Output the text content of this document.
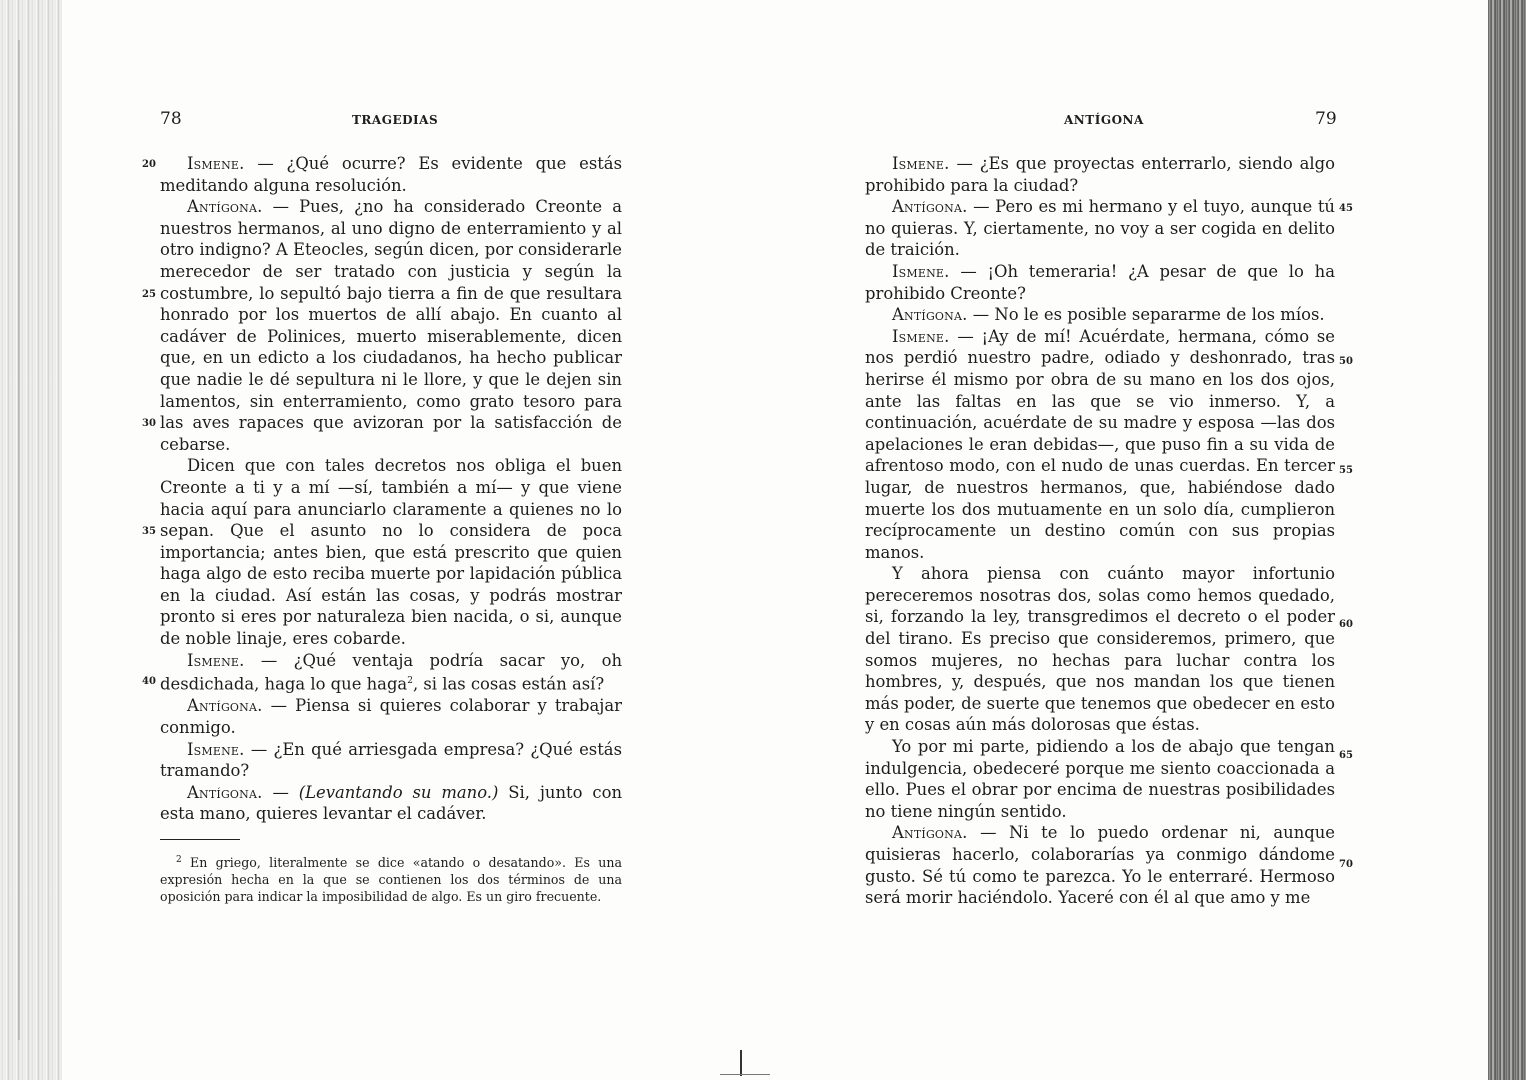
78	TRAGEDIAS
20
25
30
35
40

Ismene. — ¿Qué ocurre? Es evidente que estás meditando alguna resolución.

Antígona. — Pues, ¿no ha considerado Creonte a nuestros hermanos, al uno digno de enterramiento y al otro indigno? A Eteocles, según dicen, por considerarle merecedor de ser tratado con justicia y según la costumbre, lo sepultó bajo tierra a fin de que resultara honrado por los muertos de allí abajo. En cuanto al cadáver de Polinices, muerto miserablemente, dicen que, en un edicto a los ciudadanos, ha hecho publicar que nadie le dé sepultura ni le llore, y que le dejen sin lamentos, sin enterramiento, como grato tesoro para las aves rapaces que avizoran por la satisfacción de cebarse.

Dicen que con tales decretos nos obliga el buen Creonte a ti y a mí —sí, también a mí— y que viene hacia aquí para anunciarlo claramente a quienes no lo sepan. Que el asunto no lo considera de poca importancia; antes bien, que está prescrito que quien haga algo de esto reciba muerte por lapidación pública en la ciudad. Así están las cosas, y podrás mostrar pronto si eres por naturaleza bien nacida, o si, aunque de noble linaje, eres cobarde.

Ismene. — ¿Qué ventaja podría sacar yo, oh desdichada, haga lo que haga$^2$, si las cosas están así?

Antígona. — Piensa si quieres colaborar y trabajar conmigo.

Ismene. — ¿En qué arriesgada empresa? ¿Qué estás tramando?

Antígona. — (Levantando su mano.) Si, junto con esta mano, quieres levantar el cadáver.

$^2$ En griego, literalmente se dice «atando o desatando». Es una expresión hecha en la que se contienen los dos términos de una oposición para indicar la imposibilidad de algo. Es un giro frecuente.

ANTÍGONA	79
45
50
55
60
65
70

Ismene. — ¿Es que proyectas enterrarlo, siendo algo prohibido para la ciudad?

Antígona. — Pero es mi hermano y el tuyo, aunque tú no quieras. Y, ciertamente, no voy a ser cogida en delito de traición.

Ismene. — ¡Oh temeraria! ¿A pesar de que lo ha prohibido Creonte?

Antígona. — No le es posible separarme de los míos.

Ismene. — ¡Ay de mí! Acuérdate, hermana, cómo se nos perdió nuestro padre, odiado y deshonrado, tras herirse él mismo por obra de su mano en los dos ojos, ante las faltas en las que se vio inmerso. Y, a continuación, acuérdate de su madre y esposa —las dos apelaciones le eran debidas—, que puso fin a su vida de afrentoso modo, con el nudo de unas cuerdas. En tercer lugar, de nuestros hermanos, que, habiéndose dado muerte los dos mutuamente en un solo día, cumplieron recíprocamente un destino común con sus propias manos.

Y ahora piensa con cuánto mayor infortunio pereceremos nosotras dos, solas como hemos quedado, si, forzando la ley, transgredimos el decreto o el poder del tirano. Es preciso que consideremos, primero, que somos mujeres, no hechas para luchar contra los hombres, y, después, que nos mandan los que tienen más poder, de suerte que tenemos que obedecer en esto y en cosas aún más dolorosas que éstas.

Yo por mi parte, pidiendo a los de abajo que tengan indulgencia, obedeceré porque me siento coaccionada a ello. Pues el obrar por encima de nuestras posibilidades no tiene ningún sentido.

Antígona. — Ni te lo puedo ordenar ni, aunque quisieras hacerlo, colaborarías ya conmigo dándome gusto. Sé tú como te parezca. Yo le enterraré. Hermoso será morir haciéndolo. Yaceré con él al que amo y me
